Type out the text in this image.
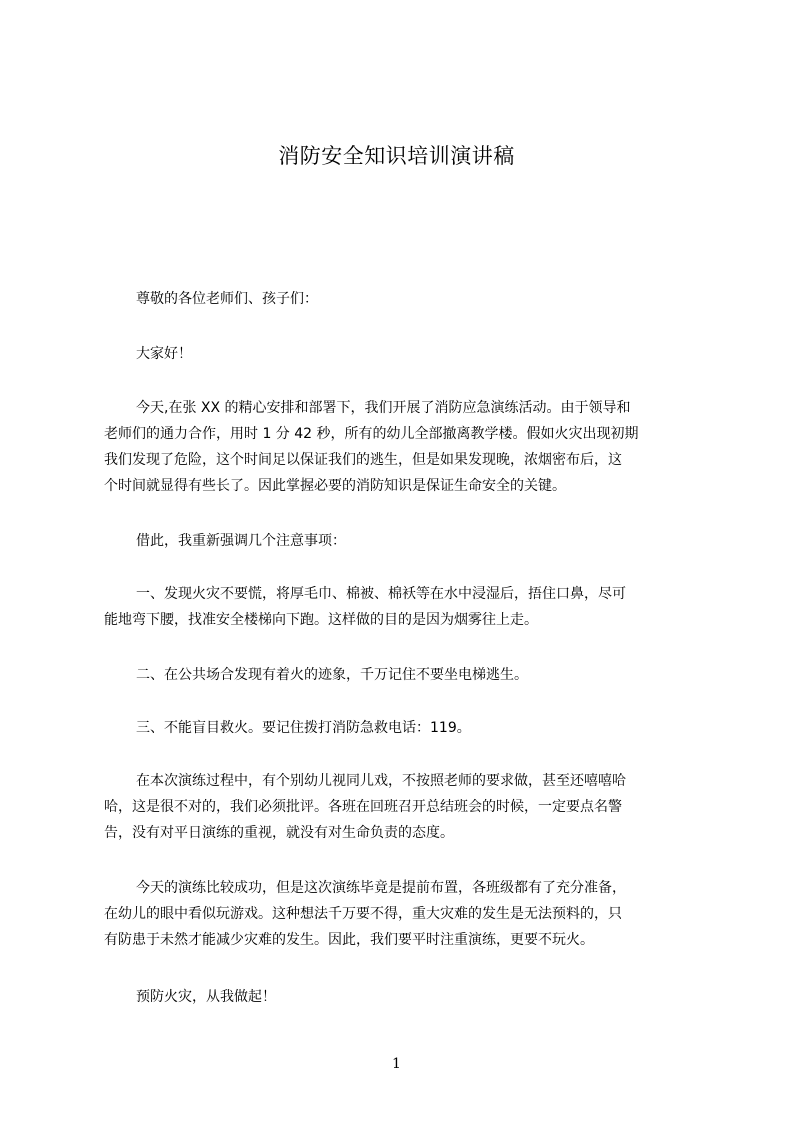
消防安全知识培训演讲稿
尊敬的各位老师们、孩子们：
大家好！
今天,在张 XX 的精心安排和部署下，我们开展了消防应急演练活动。由于领导和
老师们的通力合作，用时 1 分 42 秒，所有的幼儿全部撤离教学楼。假如火灾出现初期
我们发现了危险，这个时间足以保证我们的逃生，但是如果发现晚，浓烟密布后，这
个时间就显得有些长了。因此掌握必要的消防知识是保证生命安全的关键。
借此，我重新强调几个注意事项：
一、发现火灾不要慌，将厚毛巾、棉被、棉袄等在水中浸湿后，捂住口鼻，尽可
能地弯下腰，找准安全楼梯向下跑。这样做的目的是因为烟雾往上走。
二、在公共场合发现有着火的迹象，千万记住不要坐电梯逃生。
三、不能盲目救火。要记住拨打消防急救电话：119。
在本次演练过程中，有个别幼儿视同儿戏，不按照老师的要求做，甚至还嘻嘻哈
哈，这是很不对的，我们必须批评。各班在回班召开总结班会的时候，一定要点名警
告，没有对平日演练的重视，就没有对生命负责的态度。
今天的演练比较成功，但是这次演练毕竟是提前布置，各班级都有了充分准备，
在幼儿的眼中看似玩游戏。这种想法千万要不得，重大灾难的发生是无法预料的，只
有防患于未然才能减少灾难的发生。因此，我们要平时注重演练，更要不玩火。
预防火灾，从我做起！
1
